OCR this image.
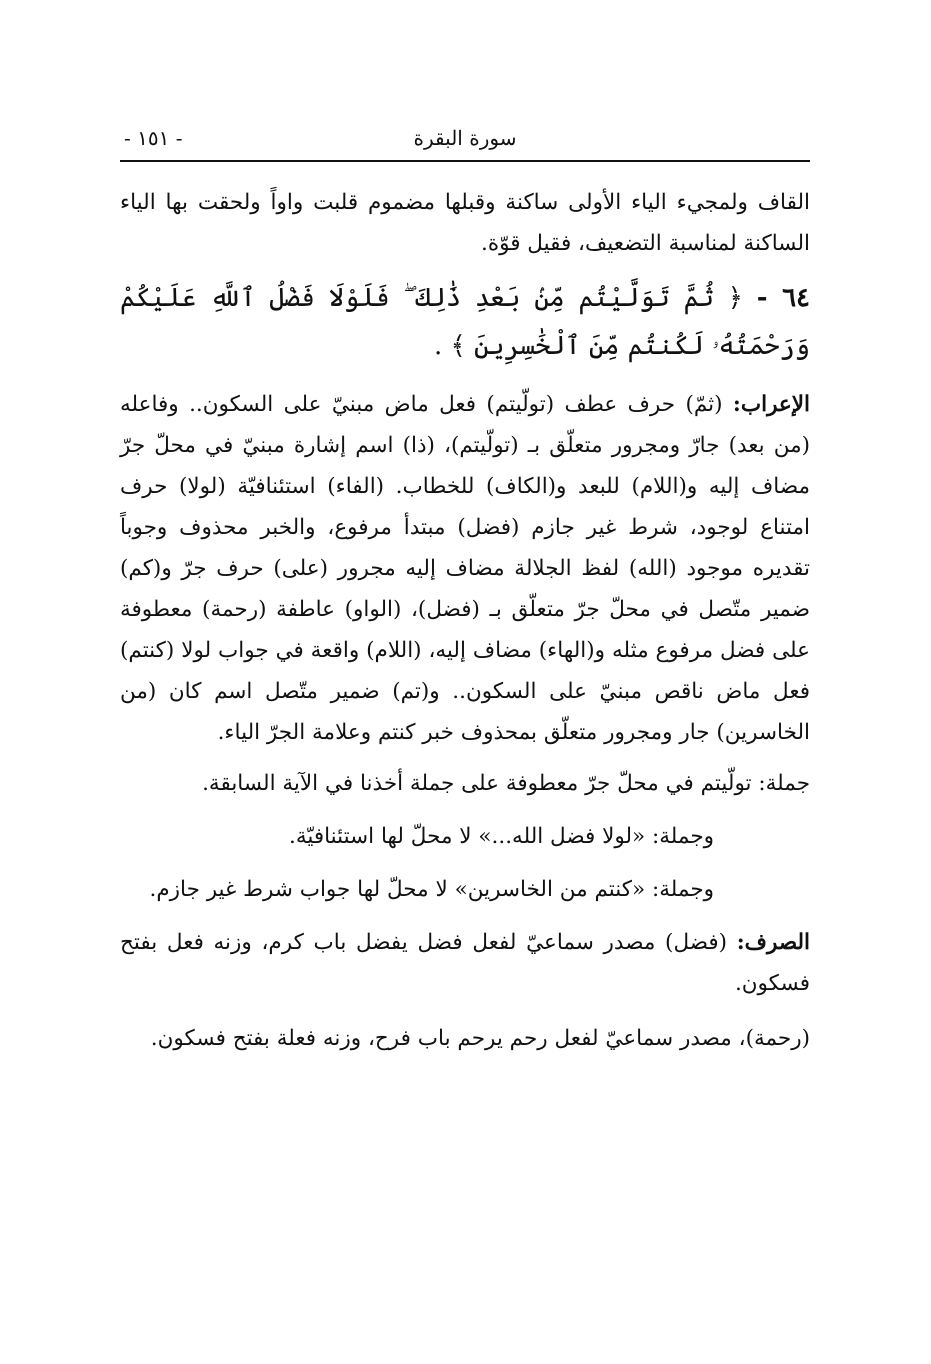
سورة البقرة
- ١٥١ -

القاف ولمجيء الياء الأولى ساكنة وقبلها مضموم قلبت واواً ولحقت بها الياء الساكنة لمناسبة التضعيف، فقيل قوّة.

٦٤ - ﴿ ثُمَّ تَوَلَّيْتُم مِّنۢ بَعْدِ ذَٰلِكَ ۖ فَلَوْلَا فَضْلُ ٱللَّهِ عَلَيْكُمْ وَرَحْمَتُهُۥ لَكُنتُم مِّنَ ٱلْخَٰسِرِينَ ﴾ .

الإعراب: (ثمّ) حرف عطف (تولّيتم) فعل ماض مبنيّ على السكون.. وفاعله (من بعد) جارّ ومجرور متعلّق بـ (تولّيتم)، (ذا) اسم إشارة مبنيّ في محلّ جرّ مضاف إليه و(اللام) للبعد و(الكاف) للخطاب. (الفاء) استئنافيّة (لولا) حرف امتناع لوجود، شرط غير جازم (فضل) مبتدأ مرفوع، والخبر محذوف وجوباً تقديره موجود (الله) لفظ الجلالة مضاف إليه مجرور (على) حرف جرّ و(كم) ضمير متّصل في محلّ جرّ متعلّق بـ (فضل)، (الواو) عاطفة (رحمة) معطوفة على فضل مرفوع مثله و(الهاء) مضاف إليه، (اللام) واقعة في جواب لولا (كنتم) فعل ماض ناقص مبنيّ على السكون.. و(تم) ضمير متّصل اسم كان (من الخاسرين) جار ومجرور متعلّق بمحذوف خبر كنتم وعلامة الجرّ الياء.

جملة: تولّيتم في محلّ جرّ معطوفة على جملة أخذنا في الآية السابقة.

وجملة: «لولا فضل الله...» لا محلّ لها استئنافيّة.

وجملة: «كنتم من الخاسرين» لا محلّ لها جواب شرط غير جازم.

الصرف: (فضل) مصدر سماعيّ لفعل فضل يفضل باب كرم، وزنه فعل بفتح فسكون.

(رحمة)، مصدر سماعيّ لفعل رحم يرحم باب فرح، وزنه فعلة بفتح فسكون.
